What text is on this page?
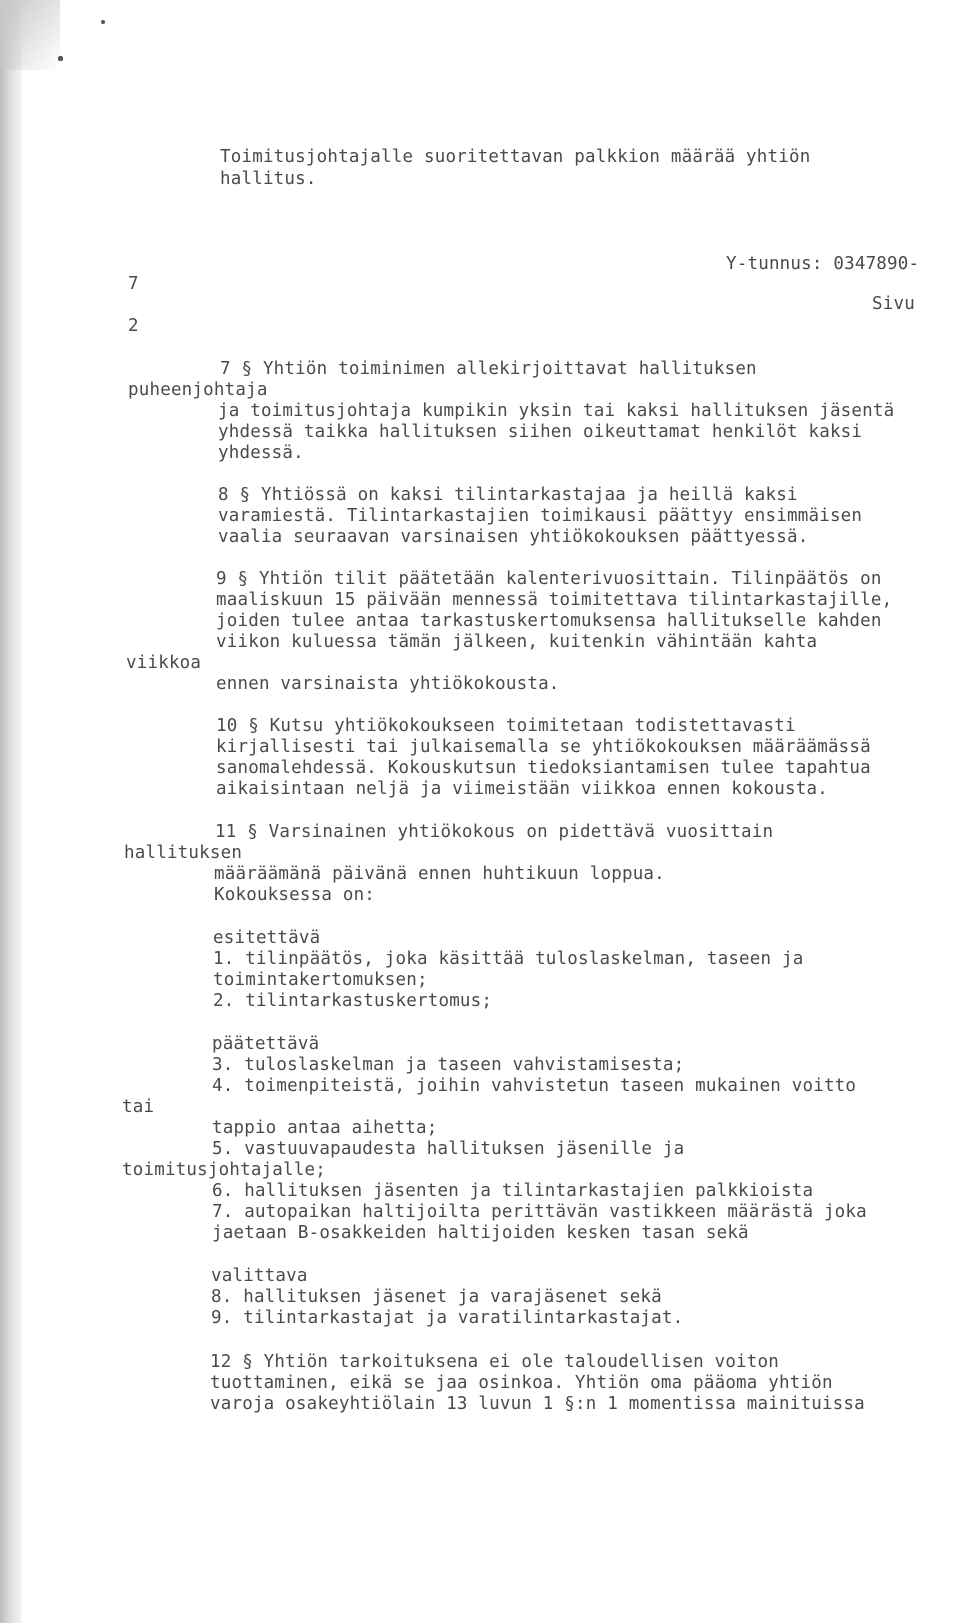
Toimitusjohtajalle suoritettavan palkkion määrää yhtiön
hallitus.
Y-tunnus: 0347890-
7
Sivu
2
7 § Yhtiön toiminimen allekirjoittavat hallituksen
puheenjohtaja
ja toimitusjohtaja kumpikin yksin tai kaksi hallituksen jäsentä
yhdessä taikka hallituksen siihen oikeuttamat henkilöt kaksi
yhdessä.
8 § Yhtiössä on kaksi tilintarkastajaa ja heillä kaksi
varamiestä. Tilintarkastajien toimikausi päättyy ensimmäisen
vaalia seuraavan varsinaisen yhtiökokouksen päättyessä.
9 § Yhtiön tilit päätetään kalenterivuosittain. Tilinpäätös on
maaliskuun 15 päivään mennessä toimitettava tilintarkastajille,
joiden tulee antaa tarkastuskertomuksensa hallitukselle kahden
viikon kuluessa tämän jälkeen, kuitenkin vähintään kahta
viikkoa
ennen varsinaista yhtiökokousta.
10 § Kutsu yhtiökokoukseen toimitetaan todistettavasti
kirjallisesti tai julkaisemalla se yhtiökokouksen määräämässä
sanomalehdessä. Kokouskutsun tiedoksiantamisen tulee tapahtua
aikaisintaan neljä ja viimeistään viikkoa ennen kokousta.
11 § Varsinainen yhtiökokous on pidettävä vuosittain
hallituksen
määräämänä päivänä ennen huhtikuun loppua.
Kokouksessa on:
esitettävä
1. tilinpäätös, joka käsittää tuloslaskelman, taseen ja
toimintakertomuksen;
2. tilintarkastuskertomus;
päätettävä
3. tuloslaskelman ja taseen vahvistamisesta;
4. toimenpiteistä, joihin vahvistetun taseen mukainen voitto
tai
tappio antaa aihetta;
5. vastuuvapaudesta hallituksen jäsenille ja
toimitusjohtajalle;
6. hallituksen jäsenten ja tilintarkastajien palkkioista
7. autopaikan haltijoilta perittävän vastikkeen määrästä joka
jaetaan B-osakkeiden haltijoiden kesken tasan sekä
valittava
8. hallituksen jäsenet ja varajäsenet sekä
9. tilintarkastajat ja varatilintarkastajat.
12 § Yhtiön tarkoituksena ei ole taloudellisen voiton
tuottaminen, eikä se jaa osinkoa. Yhtiön oma pääoma yhtiön
varoja osakeyhtiölain 13 luvun 1 §:n 1 momentissa mainituissa
